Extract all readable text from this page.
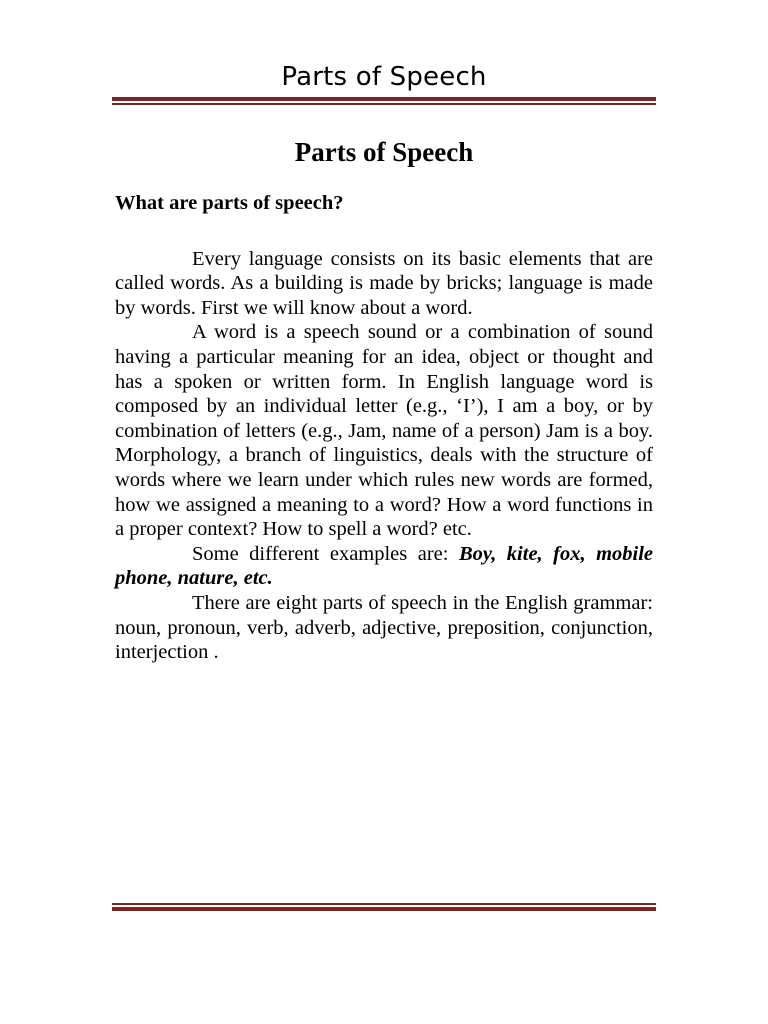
Parts of Speech
Parts of Speech
What are parts of speech?

Every language consists on its basic elements that are called words. As a building is made by bricks; language is made by words. First we will know about a word.

A word is a speech sound or a combination of sound having a particular meaning for an idea, object or thought and has a spoken or written form. In English language word is composed by an individual letter (e.g., ‘I’), I am a boy, or by combination of letters (e.g., Jam, name of a person) Jam is a boy. Morphology, a branch of linguistics, deals with the structure of words where we learn under which rules new words are formed, how we assigned a meaning to a word? How a word functions in a proper context? How to spell a word? etc.

Some different examples are: Boy, kite, fox, mobile phone, nature, etc.

There are eight parts of speech in the English grammar: noun, pronoun, verb, adverb, adjective, preposition, conjunction, interjection .
